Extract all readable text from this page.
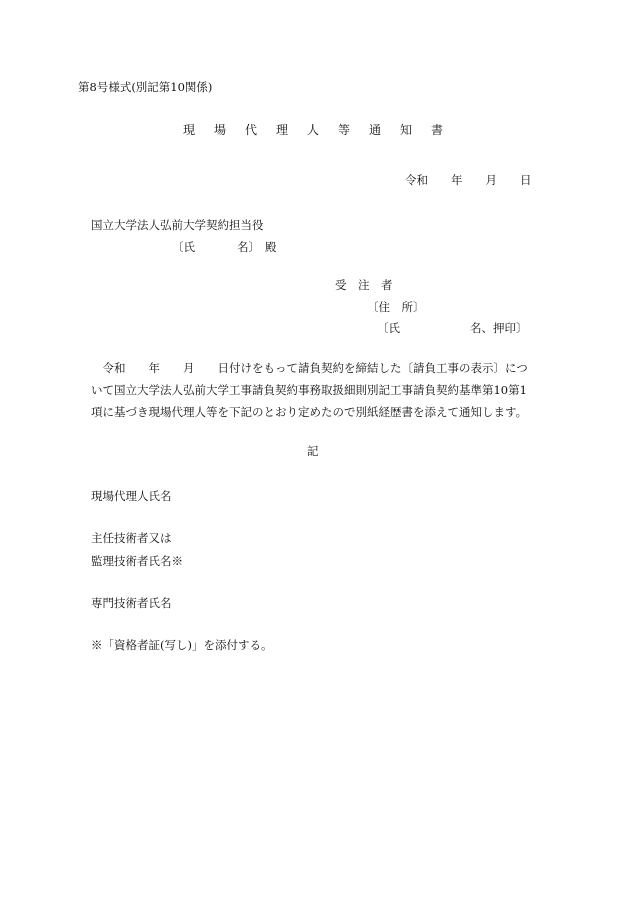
第8号様式(別記第10関係)
現場代理人等通知書
令和　　年　　月　　日
国立大学法人弘前大学契約担当役
〔氏	名〕 殿
受　注　者
〔住　所〕
〔氏	名、押印〕
　令和　　年　　月　　日付けをもって請負契約を締結した〔請負工事の表示〕につ
いて国立大学法人弘前大学工事請負契約事務取扱細則別記工事請負契約基準第10第1
項に基づき現場代理人等を下記のとおり定めたので別紙経歴書を添えて通知します。
記
現場代理人氏名
主任技術者又は
監理技術者氏名※
専門技術者氏名
※「資格者証(写し)」を添付する。
